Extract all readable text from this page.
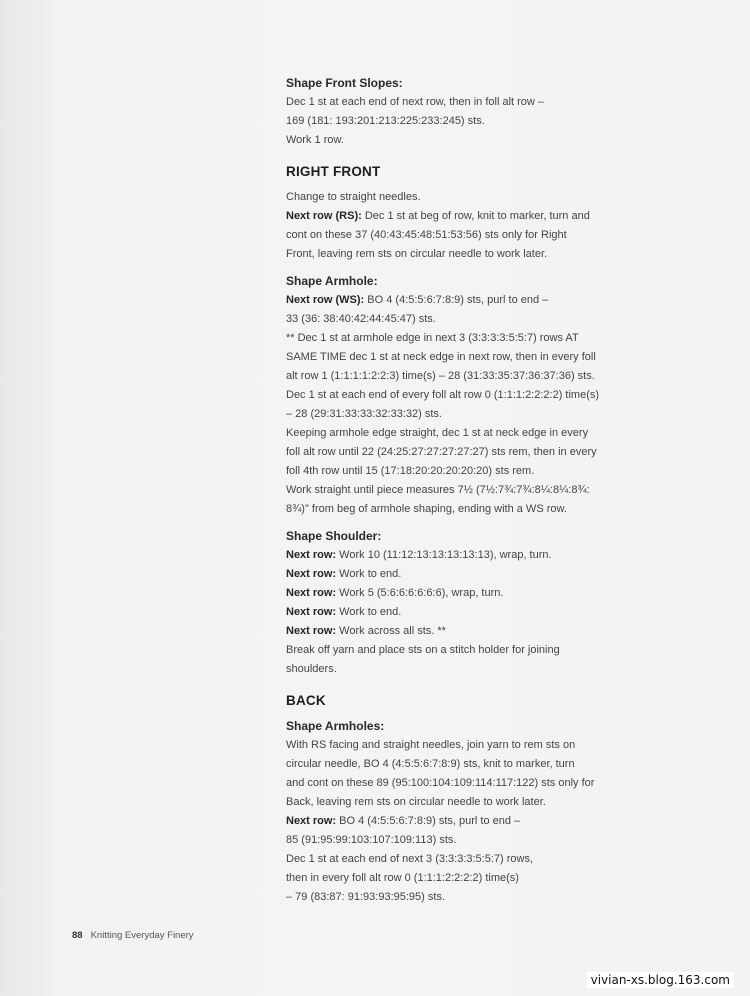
Shape Front Slopes:
Dec 1 st at each end of next row, then in foll alt row –
169 (181: 193:201:213:225:233:245) sts.
Work 1 row.
RIGHT FRONT
Change to straight needles.
Next row (RS): Dec 1 st at beg of row, knit to marker, turn and
cont on these 37 (40:43:45:48:51:53:56) sts only for Right
Front, leaving rem sts on circular needle to work later.
Shape Armhole:
Next row (WS): BO 4 (4:5:5:6:7:8:9) sts, purl to end –
33 (36: 38:40:42:44:45:47) sts.
** Dec 1 st at armhole edge in next 3 (3:3:3:3:5:5:7) rows AT
SAME TIME dec 1 st at neck edge in next row, then in every foll
alt row 1 (1:1:1:1:2:2:3) time(s) – 28 (31:33:35:37:36:37:36) sts.
Dec 1 st at each end of every foll alt row 0 (1:1:1:2:2:2:2) time(s)
– 28 (29:31:33:33:32:33:32) sts.
Keeping armhole edge straight, dec 1 st at neck edge in every
foll alt row until 22 (24:25:27:27:27:27:27) sts rem, then in every
foll 4th row until 15 (17:18:20:20:20:20:20) sts rem.
Work straight until piece measures 7½ (7½:7¾:7¾:8¼:8¼:8¾:
8¾)" from beg of armhole shaping, ending with a WS row.
Shape Shoulder:
Next row: Work 10 (11:12:13:13:13:13:13), wrap, turn.
Next row: Work to end.
Next row: Work 5 (5:6:6:6:6:6:6), wrap, turn.
Next row: Work to end.
Next row: Work across all sts. **
Break off yarn and place sts on a stitch holder for joining
shoulders.
BACK
Shape Armholes:
With RS facing and straight needles, join yarn to rem sts on
circular needle, BO 4 (4:5:5:6:7:8:9) sts, knit to marker, turn
and cont on these 89 (95:100:104:109:114:117:122) sts only for
Back, leaving rem sts on circular needle to work later.
Next row: BO 4 (4:5:5:6:7:8:9) sts, purl to end –
85 (91:95:99:103:107:109:113) sts.
Dec 1 st at each end of next 3 (3:3:3:3:5:5:7) rows,
then in every foll alt row 0 (1:1:1:2:2:2:2) time(s)
– 79 (83:87: 91:93:93:95:95) sts.
88 Knitting Everyday Finery
vivian-xs.blog.163.com
